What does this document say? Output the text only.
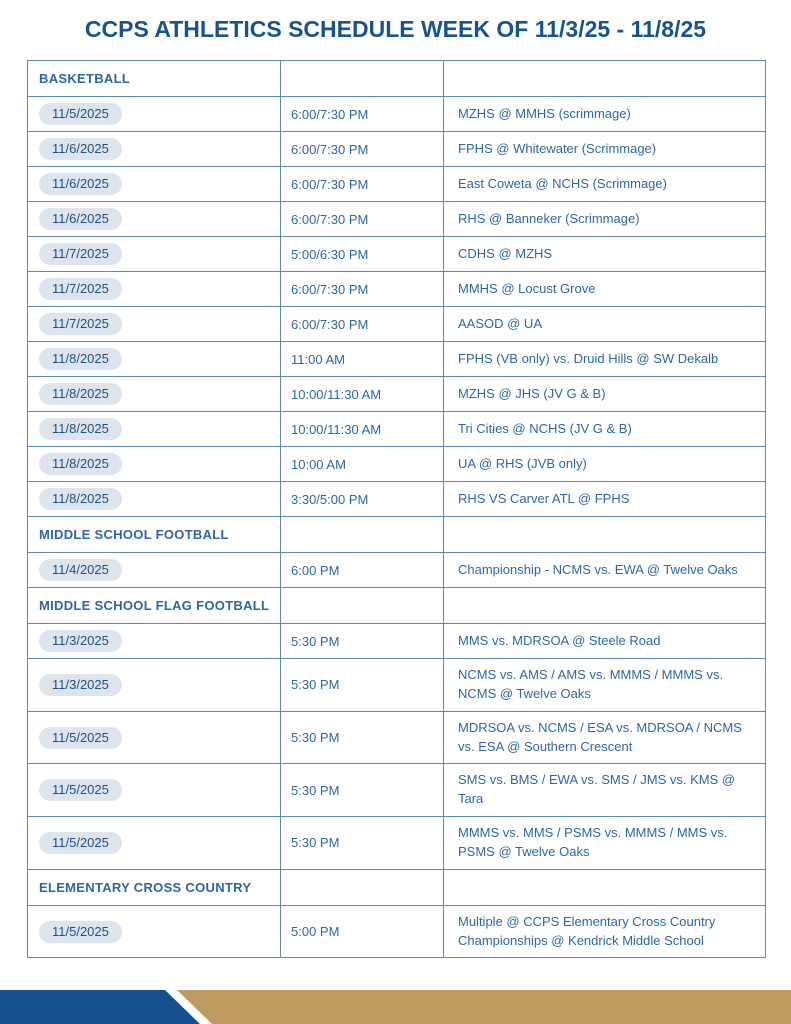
CCPS ATHLETICS SCHEDULE WEEK OF 11/3/25 - 11/8/25
BASKETBALL		
11/5/2025	6:00/7:30 PM	MZHS @ MMHS (scrimmage)
11/6/2025	6:00/7:30 PM	FPHS @ Whitewater (Scrimmage)
11/6/2025	6:00/7:30 PM	East Coweta @ NCHS (Scrimmage)
11/6/2025	6:00/7:30 PM	RHS @ Banneker (Scrimmage)
11/7/2025	5:00/6:30 PM	CDHS @ MZHS
11/7/2025	6:00/7:30 PM	MMHS @ Locust Grove
11/7/2025	6:00/7:30 PM	AASOD @ UA
11/8/2025	11:00 AM	FPHS (VB only) vs. Druid Hills @ SW Dekalb
11/8/2025	10:00/11:30 AM	MZHS @ JHS (JV G & B)
11/8/2025	10:00/11:30 AM	Tri Cities @ NCHS (JV G & B)
11/8/2025	10:00 AM	UA @ RHS (JVB only)
11/8/2025	3:30/5:00 PM	RHS VS Carver ATL @ FPHS
MIDDLE SCHOOL FOOTBALL		
11/4/2025	6:00 PM	Championship - NCMS vs. EWA @ Twelve Oaks
MIDDLE SCHOOL FLAG FOOTBALL		
11/3/2025	5:30 PM	MMS vs. MDRSOA @ Steele Road
11/3/2025	5:30 PM	NCMS vs. AMS / AMS vs. MMMS / MMMS vs. NCMS @ Twelve Oaks
11/5/2025	5:30 PM	MDRSOA vs. NCMS / ESA vs. MDRSOA / NCMS vs. ESA @ Southern Crescent
11/5/2025	5:30 PM	SMS vs. BMS / EWA vs. SMS / JMS vs. KMS @ Tara
11/5/2025	5:30 PM	MMMS vs. MMS / PSMS vs. MMMS / MMS vs. PSMS @ Twelve Oaks
ELEMENTARY CROSS COUNTRY		
11/5/2025	5:00 PM	Multiple @ CCPS Elementary Cross Country Championships @ Kendrick Middle School
